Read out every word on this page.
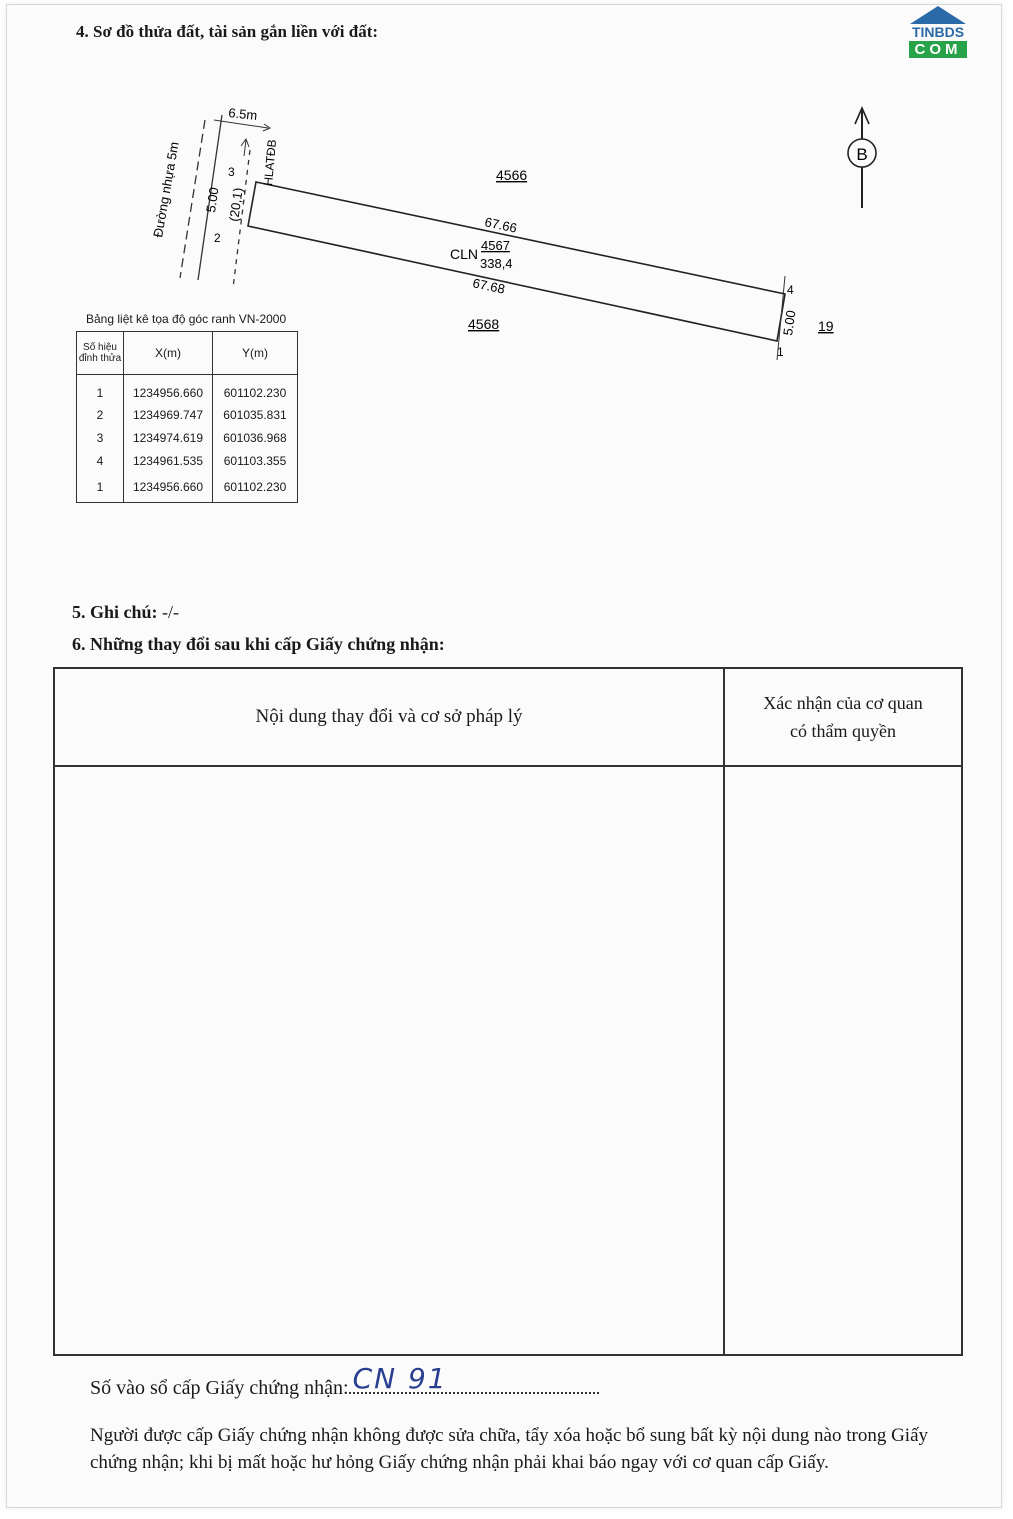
4. Sơ đồ thửa đất, tài sản gắn liền với đất:	TINBDS
COM
B
Đường nhựa 5m
6.5m
HLATĐB
5.00 (20,1)
3
2
4
1
4566
4568	19
67.66
67.68
CLN
4567
338,4
5.00
Bảng liệt kê tọa độ góc ranh VN-2000
Số hiệu
đỉnh thửa	X(m)	Y(m)
1	1234956.660	601102.230
2	1234969.747	601035.831
3	1234974.619	601036.968
4	1234961.535	601103.355
1	1234956.660	601102.230
5. Ghi chú: -/-
6. Những thay đổi sau khi cấp Giấy chứng nhận:
Nội dung thay đổi và cơ sở pháp lý
Xác nhận của cơ quan
có thẩm quyền
Số vào sổ cấp Giấy chứng nhận: CN 91
Người được cấp Giấy chứng nhận không được sửa chữa, tẩy xóa hoặc bổ sung bất kỳ nội dung nào trong Giấy chứng nhận; khi bị mất hoặc hư hỏng Giấy chứng nhận phải khai báo ngay với cơ quan cấp Giấy.
